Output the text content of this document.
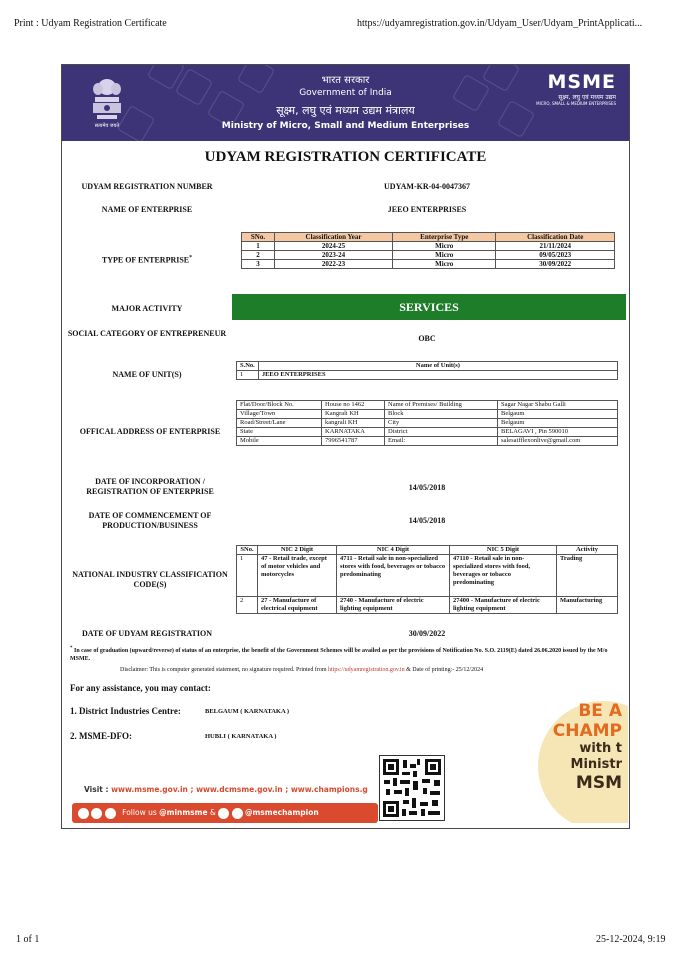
Print : Udyam Registration Certificate	https://udyamregistration.gov.in/Udyam_User/Udyam_PrintApplicati...
सत्यमेव जयते
भारत सरकार
Government of India
सूक्ष्म, लघु एवं मध्यम उद्यम मंत्रालय
Ministry of Micro, Small and Medium Enterprises
MSME
सूक्ष्म, लघु एवं मध्यम उद्यम
MICRO, SMALL & MEDIUM ENTERPRISES
UDYAM REGISTRATION CERTIFICATE
UDYAM REGISTRATION NUMBER	UDYAM-KR-04-0047367
NAME OF ENTERPRISE	JEEO ENTERPRISES
TYPE OF ENTERPRISE*
SNo.	Classification Year	Enterprise Type	Classification Date
1	2024-25	Micro	21/11/2024
2	2023-24	Micro	09/05/2023
3	2022-23	Micro	30/09/2022
MAJOR ACTIVITY	SERVICES
SOCIAL CATEGORY OF ENTREPRENEUR
OBC
NAME OF UNIT(S)
S.No.	Name of Unit(s)
1	JEEO ENTERPRISES
OFFICAL ADDRESS OF ENTERPRISE
Flat/Door/Block No.	House no 1462	Name of Premises/ Building	Sagar Nagar Shabu Galli
Village/Town	Kangrali KH	Block	Belgaum
Road/Street/Lane	kangrali KH	City	Belgaum
State	KARNATAKA	District	BELAGAVI , Pin 590010
Mobile	7996541787	Email:	salesaifflexonlive@gmail.com
DATE OF INCORPORATION / REGISTRATION OF ENTERPRISE	14/05/2018
DATE OF COMMENCEMENT OF PRODUCTION/BUSINESS
14/05/2018
NATIONAL INDUSTRY CLASSIFICATION CODE(S)
SNo.	NIC 2 Digit	NIC 4 Digit	NIC 5 Digit	Activity
1	47 - Retail trade, except of motor vehicles and motorcycles	4711 - Retail sale in non-specialized stores with food, beverages or tobacco predominating	47110 - Retail sale in non-specialized stores with food, beverages or tobacco predominating	Trading
2	27 - Manufacture of electrical equipment	2740 - Manufacture of electric lighting equipment	27400 - Manufacture of electric lighting equipment	Manufacturing
DATE OF UDYAM REGISTRATION	30/09/2022
* In case of graduation (upward/reverse) of status of an enterprise, the benefit of the Government Schemes will be availed as per the provisions of Notification No. S.O. 2119(E) dated 26.06.2020 issued by the M/o MSME.
Disclaimer: This is computer generated statement, no signature required. Printed from https://udyamregistration.gov.in & Date of printing:- 25/12/2024
For any assistance, you may contact:
1. District Industries Centre:	BELGAUM ( KARNATAKA )
2. MSME-DFO:	HUBLI ( KARNATAKA )
BE A
CHAMP
with t
Ministr
MSM
Visit : www.msme.gov.in ; www.dcmsme.gov.in ; www.champions.g
Follow us @minmsme &	@msmechampion
1 of 1	25-12-2024, 9:19
